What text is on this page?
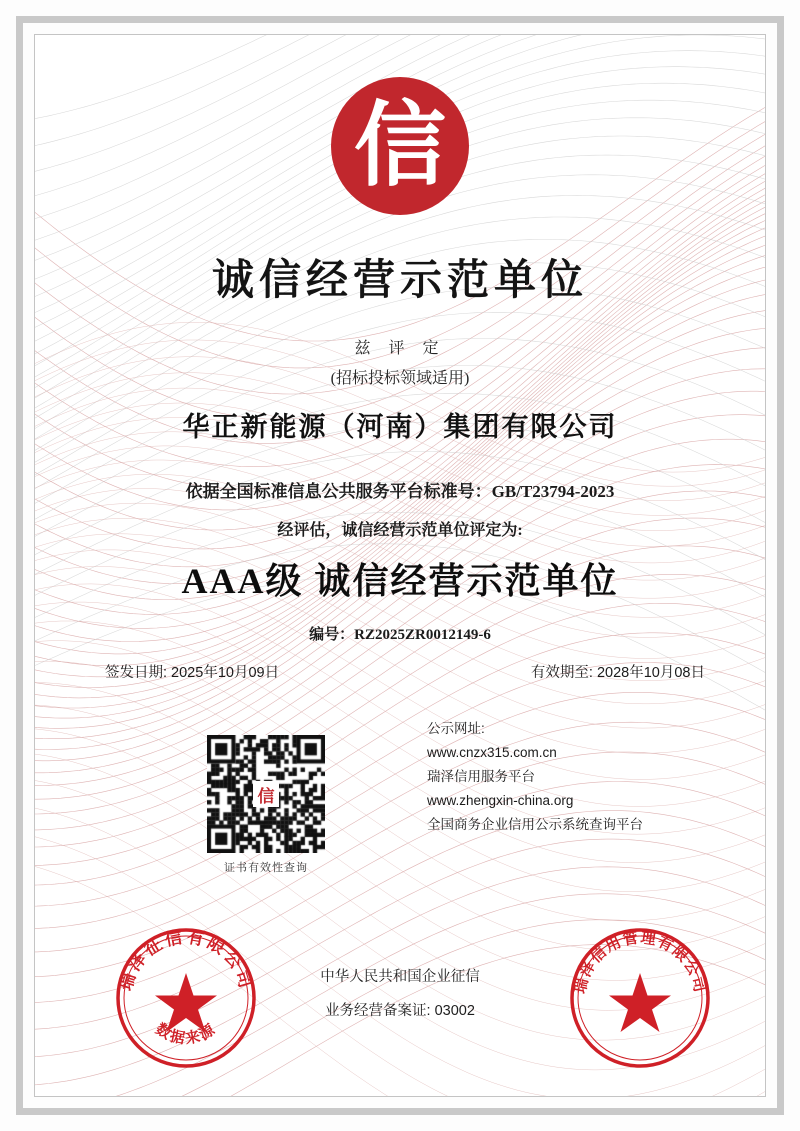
信
诚信经营示范单位
兹 评 定
(招标投标领域适用)
华正新能源（河南）集团有限公司
依据全国标准信息公共服务平台标准号：GB/T23794-2023
经评估，诚信经营示范单位评定为:
AAA级 诚信经营示范单位
编号：RZ2025ZR0012149-6
签发日期: 2025年10月09日	有效期至: 2028年10月08日
公示网址:
www.cnzx315.com.cn
瑞泽信用服务平台
www.zhengxin-china.org
全国商务企业信用公示系统查询平台
信
证书有效性查询
瑞泽征信有限公司
数据来源
瑞泽信用管理有限公司
中华人民共和国企业征信
业务经营备案证: 03002
